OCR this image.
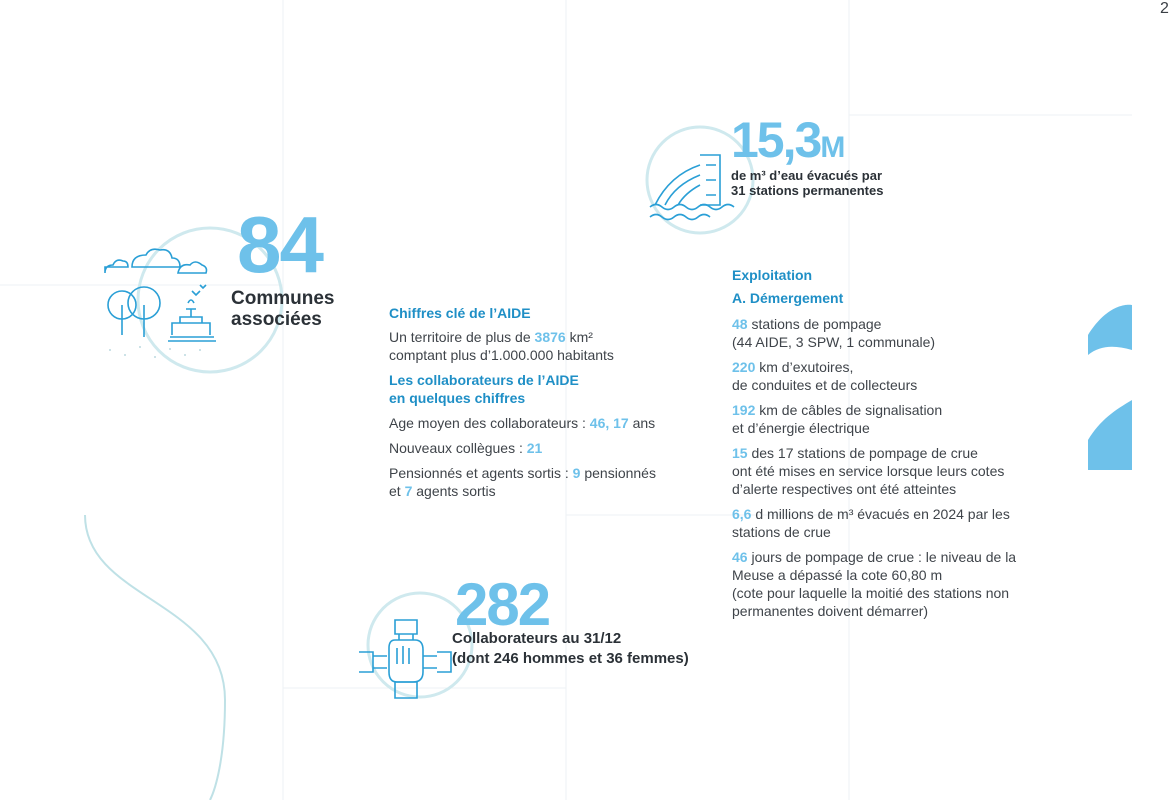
2
84

Communes

associées

15,3M

de m³ d’eau évacués par

31 stations permanentes

Chiffres clé de l’AIDE

Un territoire de plus de 3876 km²

comptant plus d’1.000.000 habitants

Les collaborateurs de l’AIDE

en quelques chiffres

Age moyen des collaborateurs : 46, 17 ans

Nouveaux collègues : 21

Pensionnés et agents sortis : 9 pensionnés

et 7 agents sortis

Exploitation

A. Démergement

48 stations de pompage

(44 AIDE, 3 SPW, 1 communale)

220 km d’exutoires,

de conduites et de collecteurs

192 km de câbles de signalisation

et d’énergie électrique

15 des 17 stations de pompage de crue

ont été mises en service lorsque leurs cotes

d’alerte respectives ont été atteintes

6,6 d millions de m³ évacués en 2024 par les

stations de crue

46 jours de pompage de crue : le niveau de la

Meuse a dépassé la cote 60,80 m

(cote pour laquelle la moitié des stations non

permanentes doivent démarrer)

282

Collaborateurs au 31/12

(dont 246 hommes et 36 femmes)
